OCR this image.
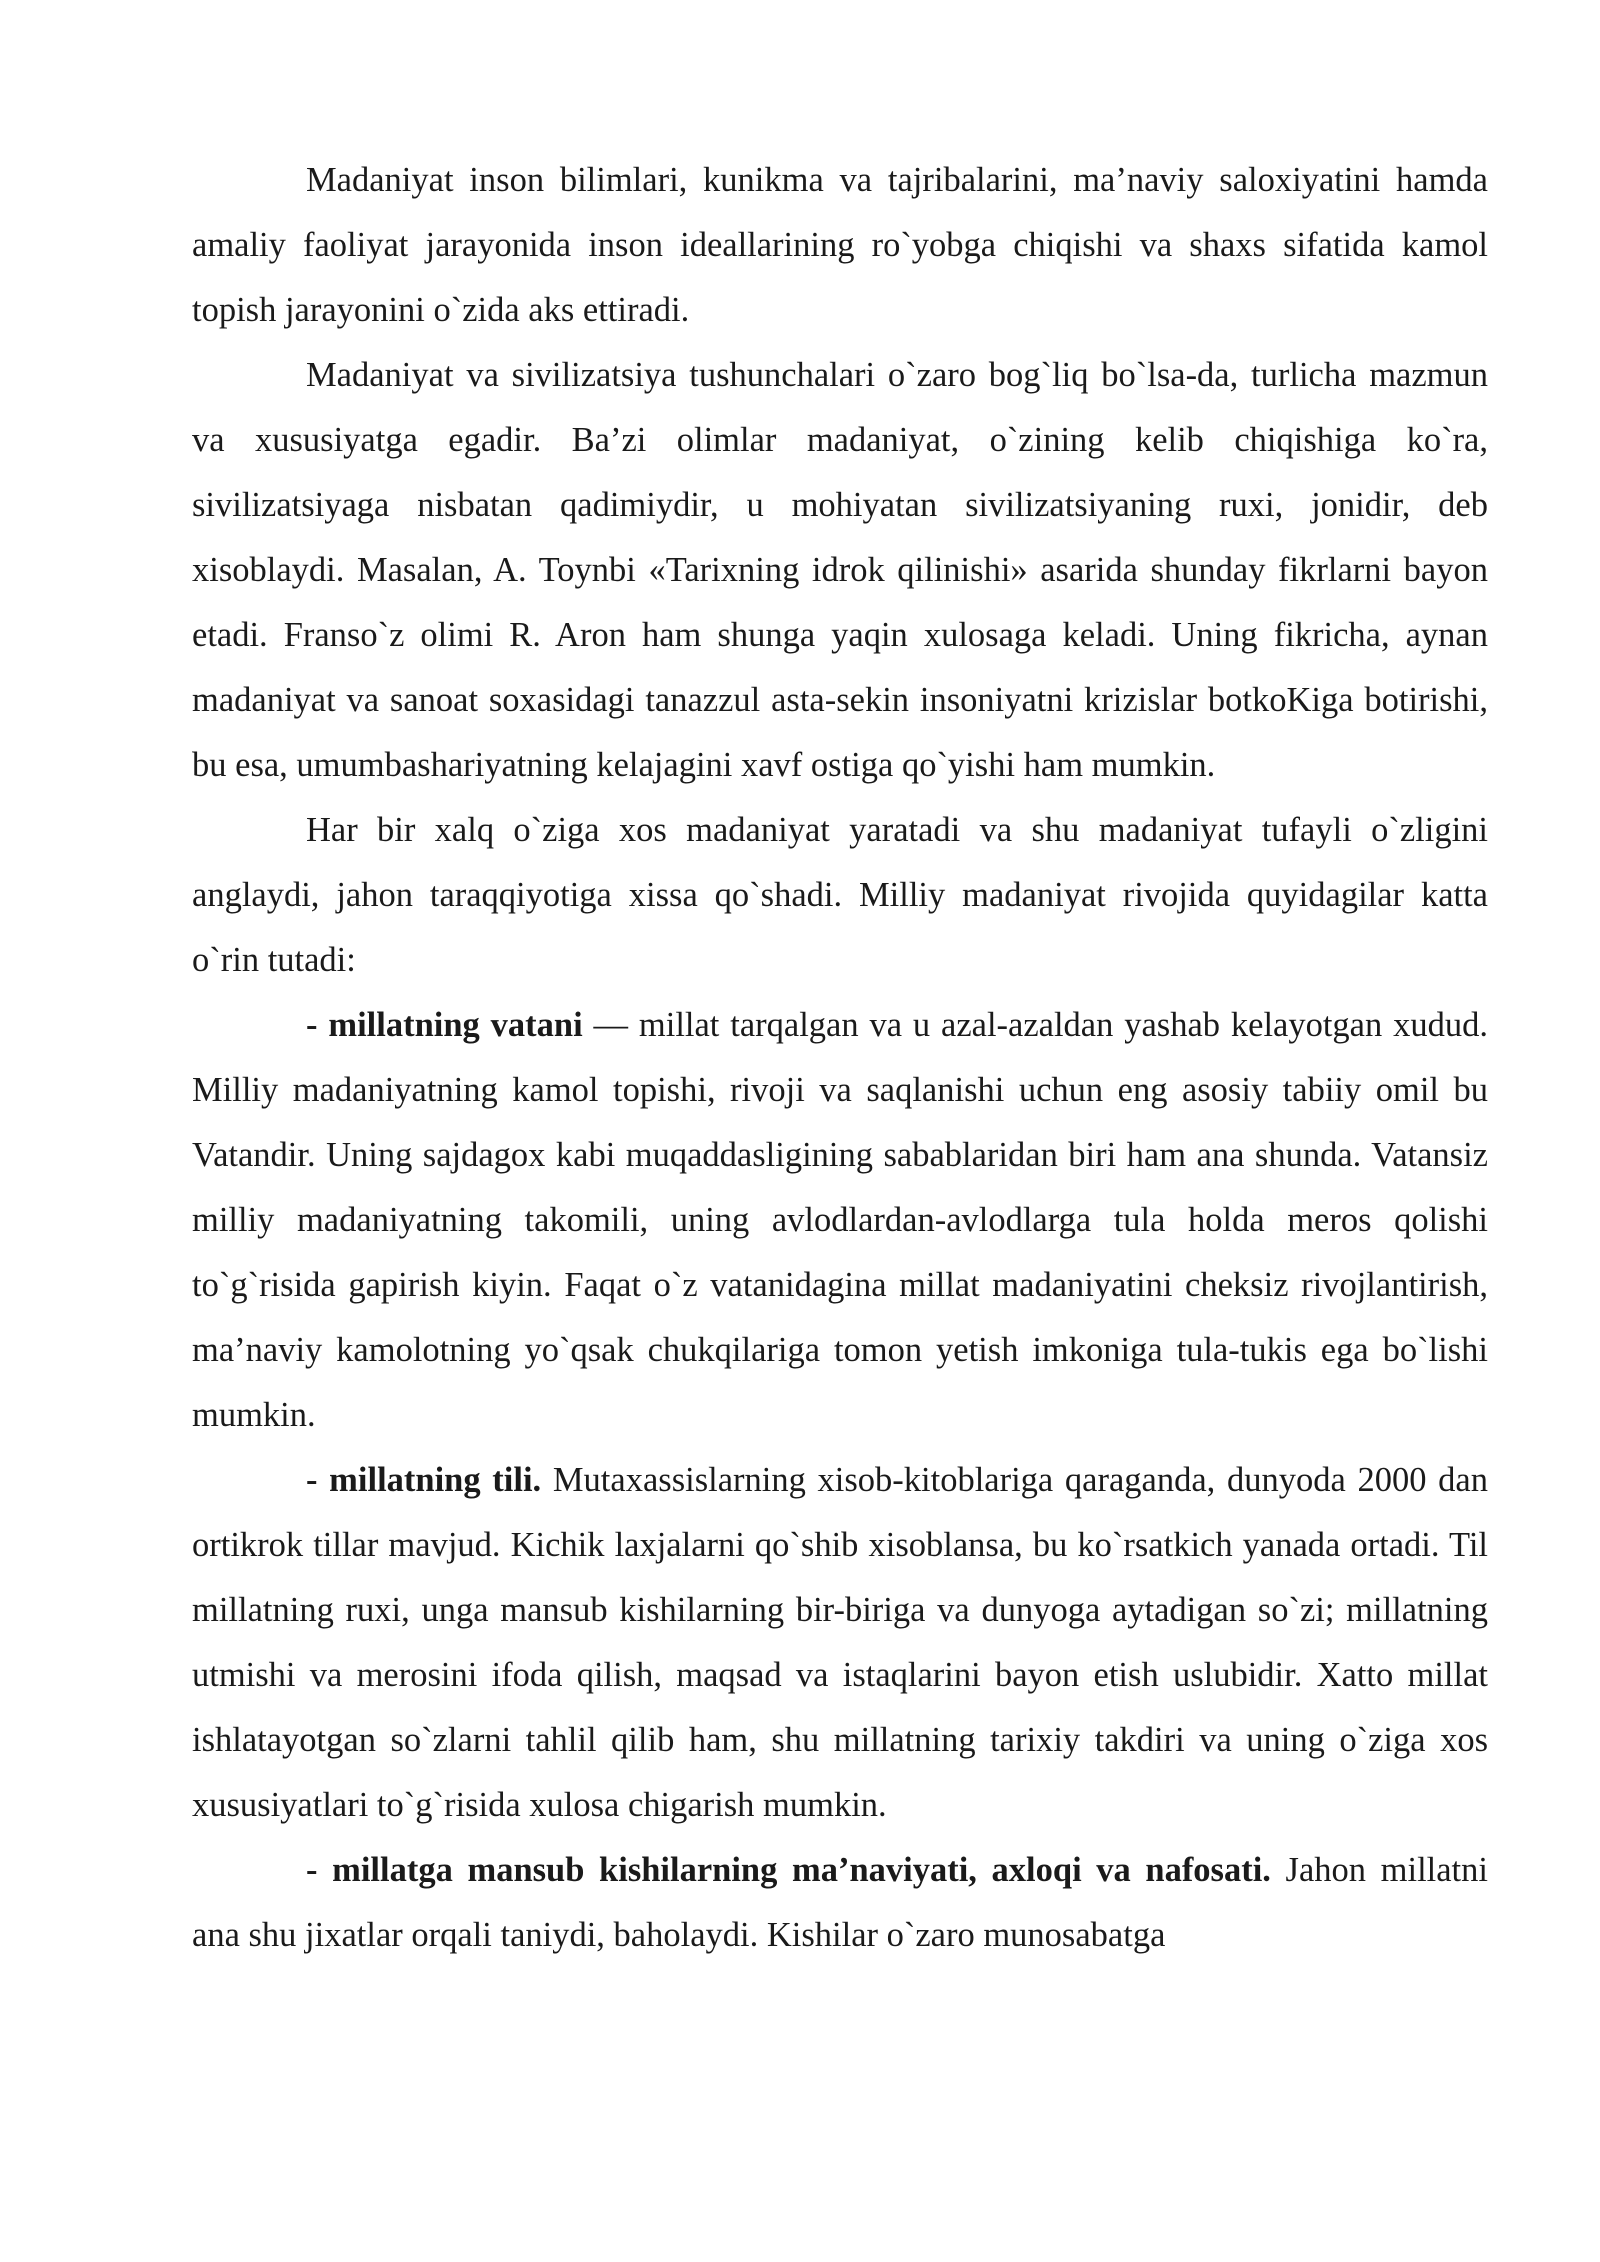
Madaniyat inson bilimlari, kunikma va tajribalarini, ma’naviy saloxiyatini hamda amaliy faoliyat jarayonida inson ideallarining ro`yobga chiqishi va shaxs sifatida kamol topish jarayonini o`zida aks ettiradi.

Madaniyat va sivilizatsiya tushunchalari o`zaro bog`liq bo`lsa-da, turlicha mazmun va xususiyatga egadir. Ba’zi olimlar madaniyat, o`zining kelib chiqishiga ko`ra, sivilizatsiyaga nisbatan qadimiydir, u mohiyatan sivilizatsiyaning ruxi, jonidir, deb xisoblaydi. Masalan, A. Toynbi «Tarixning idrok qilinishi» asarida shunday fikrlarni bayon etadi. Franso`z olimi R. Aron ham shunga yaqin xulosaga keladi. Uning fikricha, aynan madaniyat va sanoat soxasidagi tanazzul asta-sekin insoniyatni krizislar botkoKiga botirishi, bu esa, umumbashariyatning kelajagini xavf ostiga qo`yishi ham mumkin.

Har bir xalq o`ziga xos madaniyat yaratadi va shu madaniyat tufayli o`zligini anglaydi, jahon taraqqiyotiga xissa qo`shadi. Milliy madaniyat rivojida quyidagilar katta o`rin tutadi:

- millatning vatani — millat tarqalgan va u azal-azaldan yashab kelayotgan xudud. Milliy madaniyatning kamol topishi, rivoji va saqlanishi uchun eng asosiy tabiiy omil bu Vatandir. Uning sajdagox kabi muqaddasligining sabablaridan biri ham ana shunda. Vatansiz milliy madaniyatning takomili, uning avlodlardan-avlodlarga tula holda meros qolishi to`g`risida gapirish kiyin. Faqat o`z vatanidagina millat madaniyatini cheksiz rivojlantirish, ma’naviy kamolotning yo`qsak chukqilariga tomon yetish imkoniga tula-tukis ega bo`lishi mumkin.

- millatning tili. Mutaxassislarning xisob-kitoblariga qaraganda, dunyoda 2000 dan ortikrok tillar mavjud. Kichik laxjalarni qo`shib xisoblansa, bu ko`rsatkich yanada ortadi. Til millatning ruxi, unga mansub kishilarning bir-biriga va dunyoga aytadigan so`zi; millatning utmishi va merosini ifoda qilish, maqsad va istaqlarini bayon etish uslubidir. Xatto millat ishlatayotgan so`zlarni tahlil qilib ham, shu millatning tarixiy takdiri va uning o`ziga xos xususiyatlari to`g`risida xulosa chigarish mumkin.

- millatga mansub kishilarning ma’naviyati, axloqi va nafosati. Jahon millatni ana shu jixatlar orqali taniydi, baholaydi. Kishilar o`zaro munosabatga
